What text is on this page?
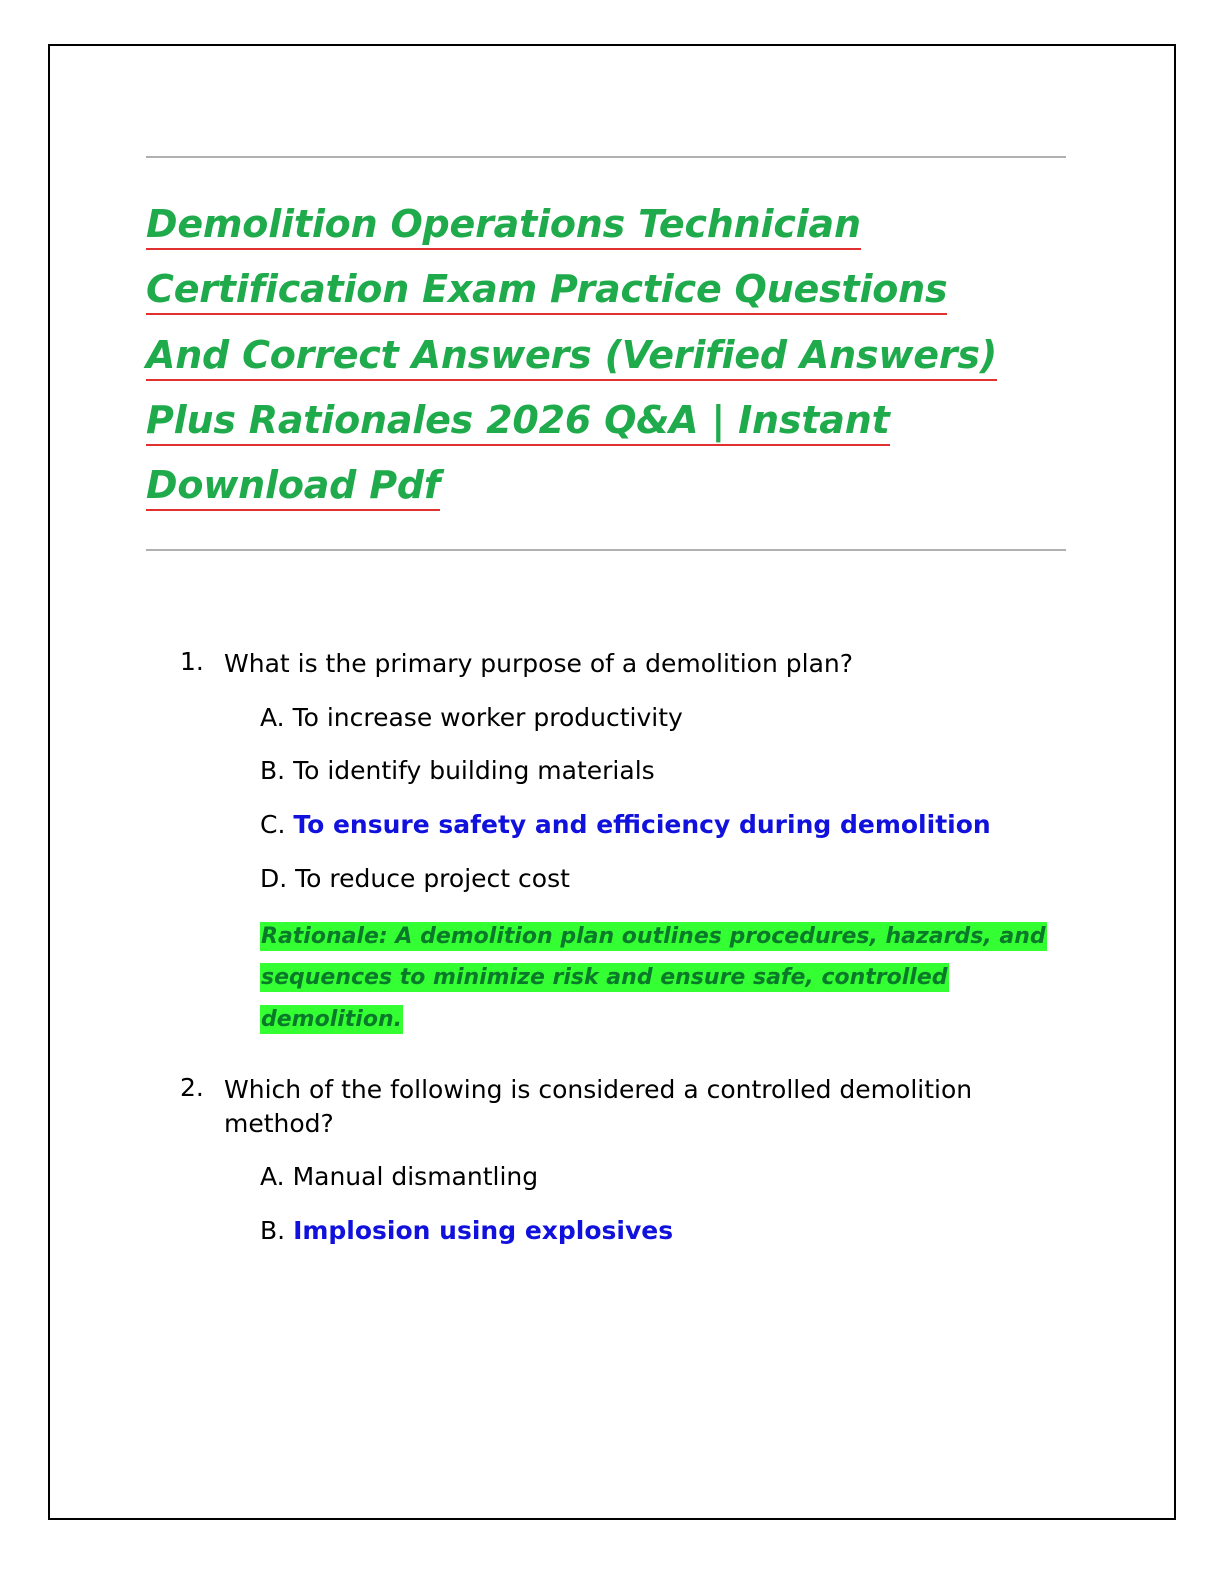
Demolition Operations Technician
Certification Exam Practice Questions
And Correct Answers (Verified Answers)
Plus Rationales 2026 Q&A | Instant
Download Pdf
1. What is the primary purpose of a demolition plan?
A. To increase worker productivity
B. To identify building materials
C. To ensure safety and efficiency during demolition
D. To reduce project cost
Rationale: A demolition plan outlines procedures, hazards, and
sequences to minimize risk and ensure safe, controlled demolition.
2. Which of the following is considered a controlled demolition method?
A. Manual dismantling
B. Implosion using explosives
